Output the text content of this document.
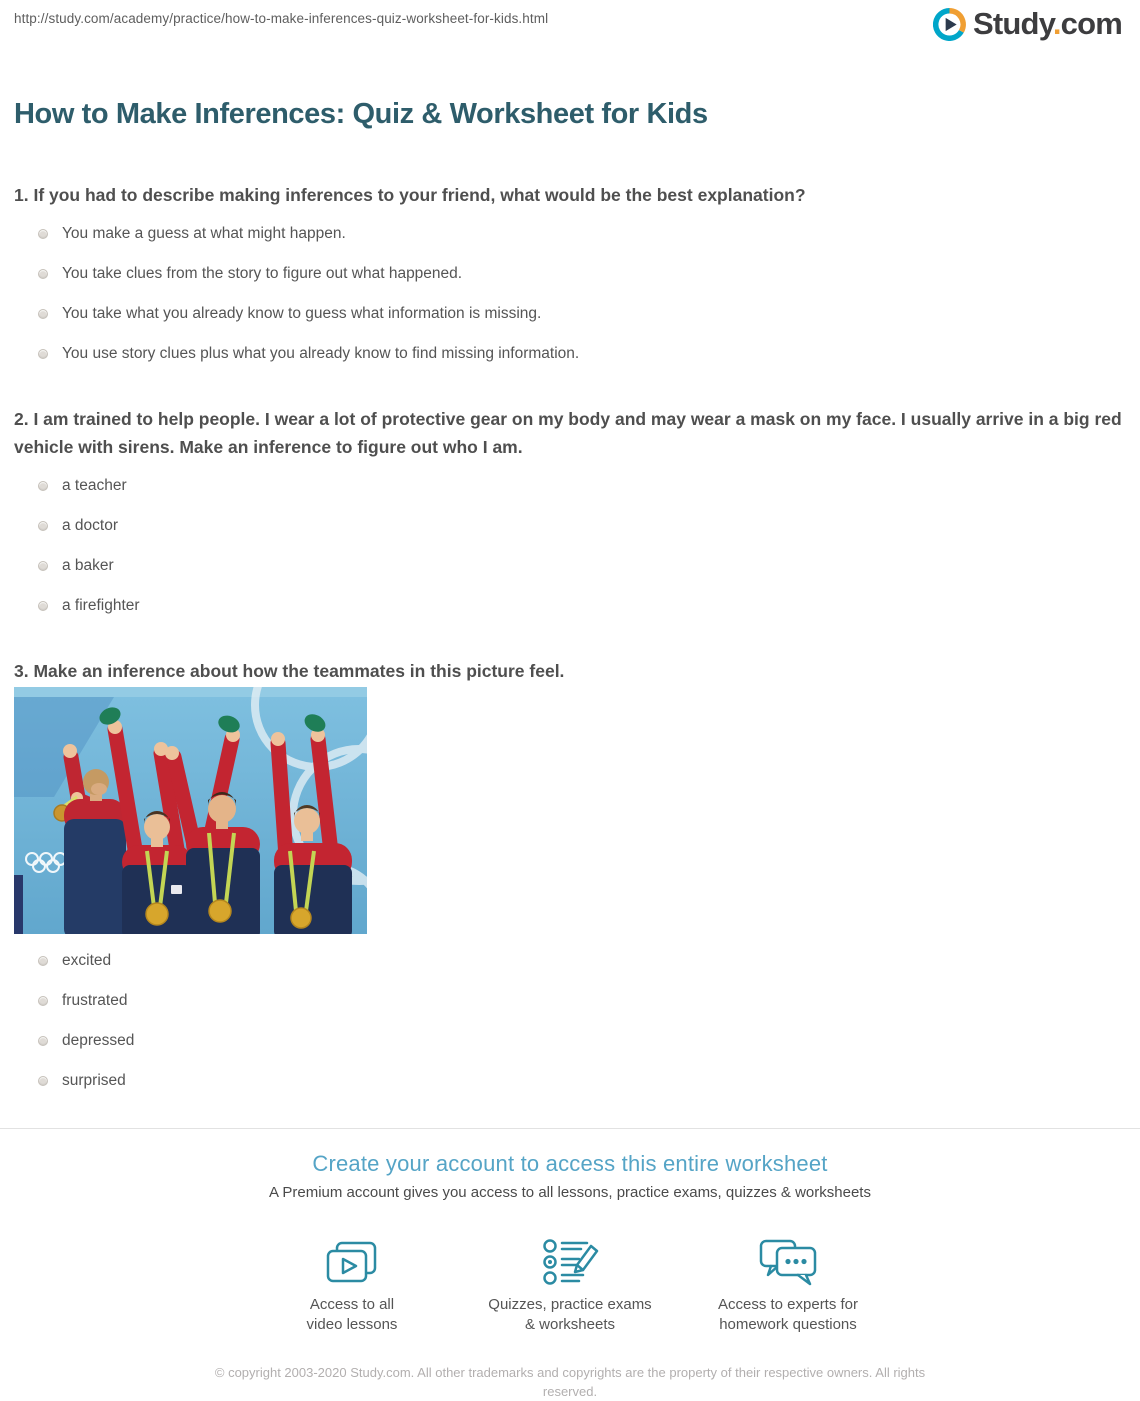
http://study.com/academy/practice/how-to-make-inferences-quiz-worksheet-for-kids.html	Study.com
How to Make Inferences: Quiz & Worksheet for Kids
1. If you had to describe making inferences to your friend, what would be the best explanation?
You make a guess at what might happen.
You take clues from the story to figure out what happened.
You take what you already know to guess what information is missing.
You use story clues plus what you already know to find missing information.
2. I am trained to help people. I wear a lot of protective gear on my body and may wear a mask on my face. I usually arrive in a big red vehicle with sirens. Make an inference to figure out who I am.
a teacher
a doctor
a baker
a firefighter
3. Make an inference about how the teammates in this picture feel.
excited
frustrated
depressed
surprised
Create your account to access this entire worksheet
A Premium account gives you access to all lessons, practice exams, quizzes & worksheets
Access to all
video lessons
Quizzes, practice exams
& worksheets
Access to experts for
homework questions
© copyright 2003-2020 Study.com. All other trademarks and copyrights are the property of their respective owners. All rights reserved.
